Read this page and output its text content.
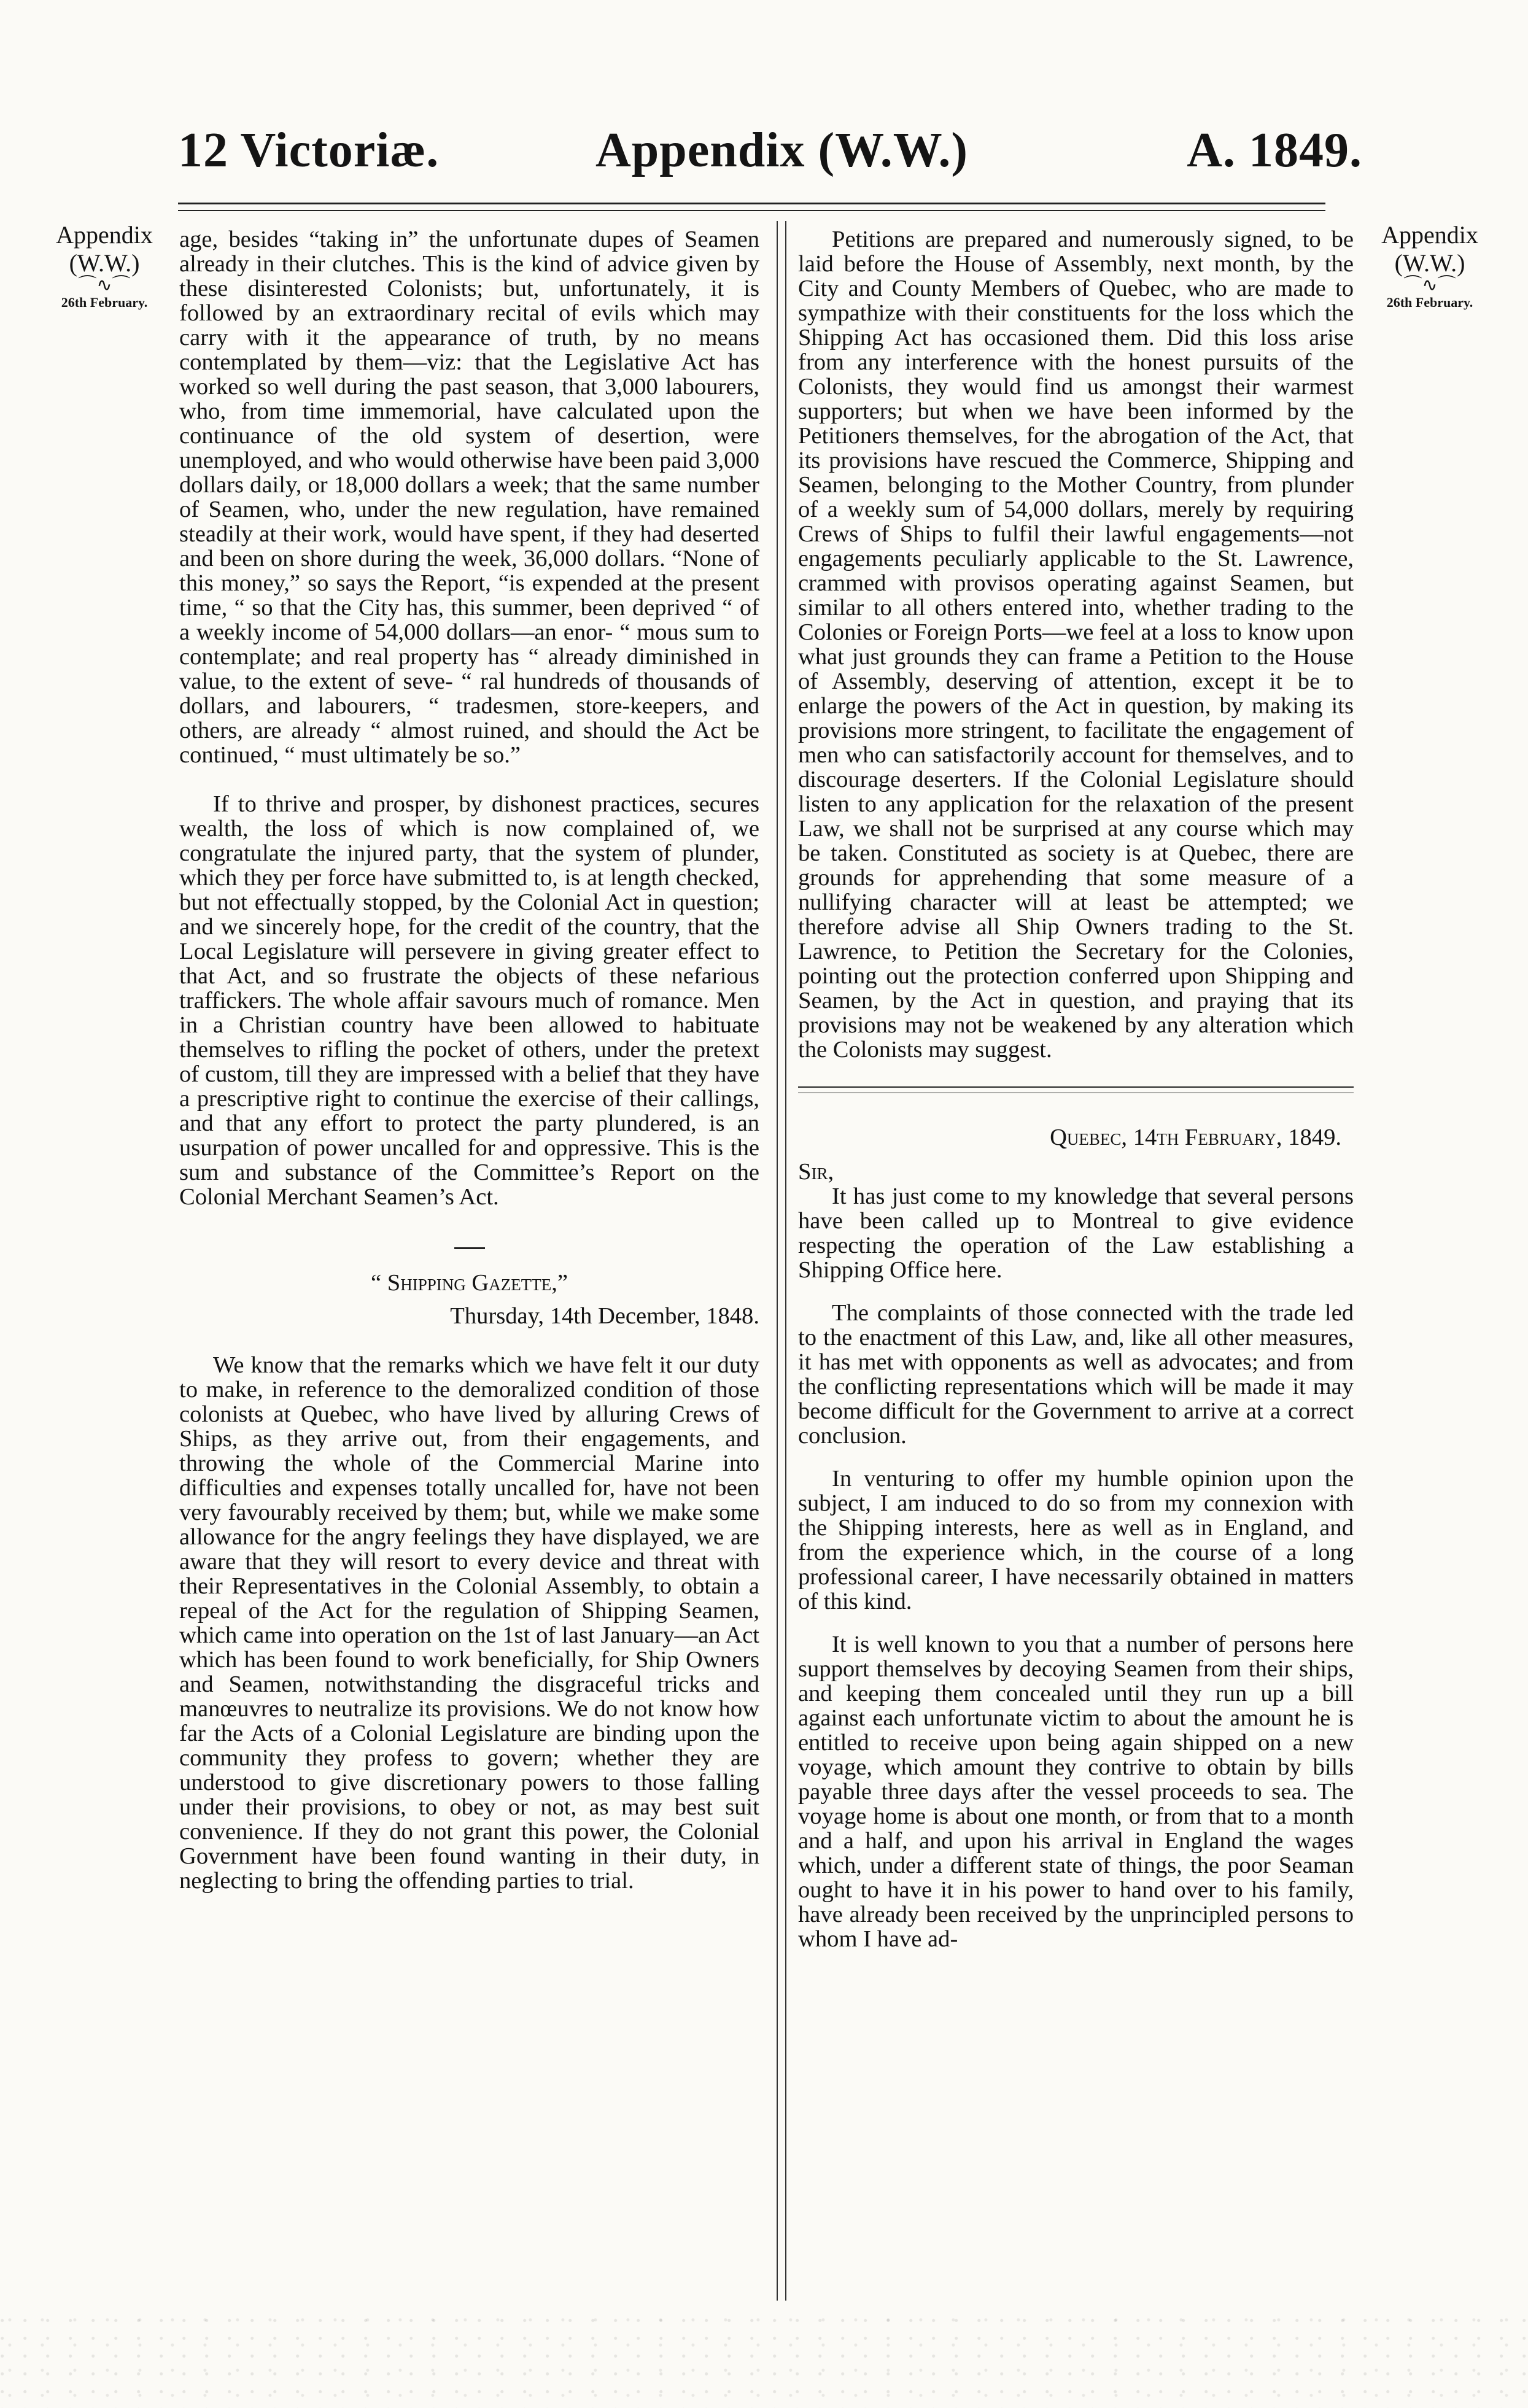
12 Victoriæ.	Appendix (W.W.)	A. 1849.
Appendix
(W.W.)
⌒∿⌒
26th February.
Appendix
(W.W.)
⌒∿⌒
26th February.

age, besides “taking in” the unfortunate dupes of Seamen already in their clutches. This is the kind of advice given by these disinterested Colonists; but, unfortunately, it is followed by an extraordinary recital of evils which may carry with it the appearance of truth, by no means contemplated by them—viz: that the Legislative Act has worked so well during the past season, that 3,000 labourers, who, from time immemorial, have calculated upon the continuance of the old system of desertion, were unemployed, and who would otherwise have been paid 3,000 dollars daily, or 18,000 dollars a week; that the same number of Seamen, who, under the new regulation, have remained steadily at their work, would have spent, if they had deserted and been on shore during the week, 36,000 dollars. “None of this money,” so says the Report, “is expended at the present time, “ so that the City has, this summer, been deprived “ of a weekly income of 54,000 dollars—an enor- “ mous sum to contemplate; and real property has “ already diminished in value, to the extent of seve- “ ral hundreds of thousands of dollars, and labourers, “ tradesmen, store-keepers, and others, are already “ almost ruined, and should the Act be continued, “ must ultimately be so.”

If to thrive and prosper, by dishonest practices, secures wealth, the loss of which is now complained of, we congratulate the injured party, that the system of plunder, which they per force have submitted to, is at length checked, but not effectually stopped, by the Colonial Act in question; and we sincerely hope, for the credit of the country, that the Local Legislature will persevere in giving greater effect to that Act, and so frustrate the objects of these nefarious traffickers. The whole affair savours much of romance. Men in a Christian country have been allowed to habituate themselves to rifling the pocket of others, under the pretext of custom, till they are impressed with a belief that they have a prescriptive right to continue the exercise of their callings, and that any effort to protect the party plundered, is an usurpation of power uncalled for and oppressive. This is the sum and substance of the Committee’s Report on the Colonial Merchant Seamen’s Act.

“ Shipping Gazette,”
Thursday, 14th December, 1848.

We know that the remarks which we have felt it our duty to make, in reference to the demoralized condition of those colonists at Quebec, who have lived by alluring Crews of Ships, as they arrive out, from their engagements, and throwing the whole of the Commercial Marine into difficulties and expenses totally uncalled for, have not been very favourably received by them; but, while we make some allowance for the angry feelings they have displayed, we are aware that they will resort to every device and threat with their Representatives in the Colonial Assembly, to obtain a repeal of the Act for the regulation of Shipping Seamen, which came into operation on the 1st of last January—an Act which has been found to work beneficially, for Ship Owners and Seamen, notwithstanding the disgraceful tricks and manœuvres to neutralize its provisions. We do not know how far the Acts of a Colonial Legislature are binding upon the community they profess to govern; whether they are understood to give discretionary powers to those falling under their provisions, to obey or not, as may best suit convenience. If they do not grant this power, the Colonial Government have been found wanting in their duty, in neglecting to bring the offending parties to trial.

Petitions are prepared and numerously signed, to be laid before the House of Assembly, next month, by the City and County Members of Quebec, who are made to sympathize with their constituents for the loss which the Shipping Act has occasioned them. Did this loss arise from any interference with the honest pursuits of the Colonists, they would find us amongst their warmest supporters; but when we have been informed by the Petitioners themselves, for the abrogation of the Act, that its provisions have rescued the Commerce, Shipping and Seamen, belonging to the Mother Country, from plunder of a weekly sum of 54,000 dollars, merely by requiring Crews of Ships to fulfil their lawful engagements—not engagements peculiarly applicable to the St. Lawrence, crammed with provisos operating against Seamen, but similar to all others entered into, whether trading to the Colonies or Foreign Ports—we feel at a loss to know upon what just grounds they can frame a Petition to the House of Assembly, deserving of attention, except it be to enlarge the powers of the Act in question, by making its provisions more stringent, to facilitate the engagement of men who can satisfactorily account for themselves, and to discourage deserters. If the Colonial Legislature should listen to any application for the relaxation of the present Law, we shall not be surprised at any course which may be taken. Constituted as society is at Quebec, there are grounds for apprehending that some measure of a nullifying character will at least be attempted; we therefore advise all Ship Owners trading to the St. Lawrence, to Petition the Secretary for the Colonies, pointing out the protection conferred upon Shipping and Seamen, by the Act in question, and praying that its provisions may not be weakened by any alteration which the Colonists may suggest.

Quebec, 14th February, 1849.
Sir,

It has just come to my knowledge that several persons have been called up to Montreal to give evidence respecting the operation of the Law establishing a Shipping Office here.

The complaints of those connected with the trade led to the enactment of this Law, and, like all other measures, it has met with opponents as well as advocates; and from the conflicting representations which will be made it may become difficult for the Government to arrive at a correct conclusion.

In venturing to offer my humble opinion upon the subject, I am induced to do so from my connexion with the Shipping interests, here as well as in England, and from the experience which, in the course of a long professional career, I have necessarily obtained in matters of this kind.

It is well known to you that a number of persons here support themselves by decoying Seamen from their ships, and keeping them concealed until they run up a bill against each unfortunate victim to about the amount he is entitled to receive upon being again shipped on a new voyage, which amount they contrive to obtain by bills payable three days after the vessel proceeds to sea. The voyage home is about one month, or from that to a month and a half, and upon his arrival in England the wages which, under a different state of things, the poor Seaman ought to have it in his power to hand over to his family, have already been received by the unprincipled persons to whom I have ad-
